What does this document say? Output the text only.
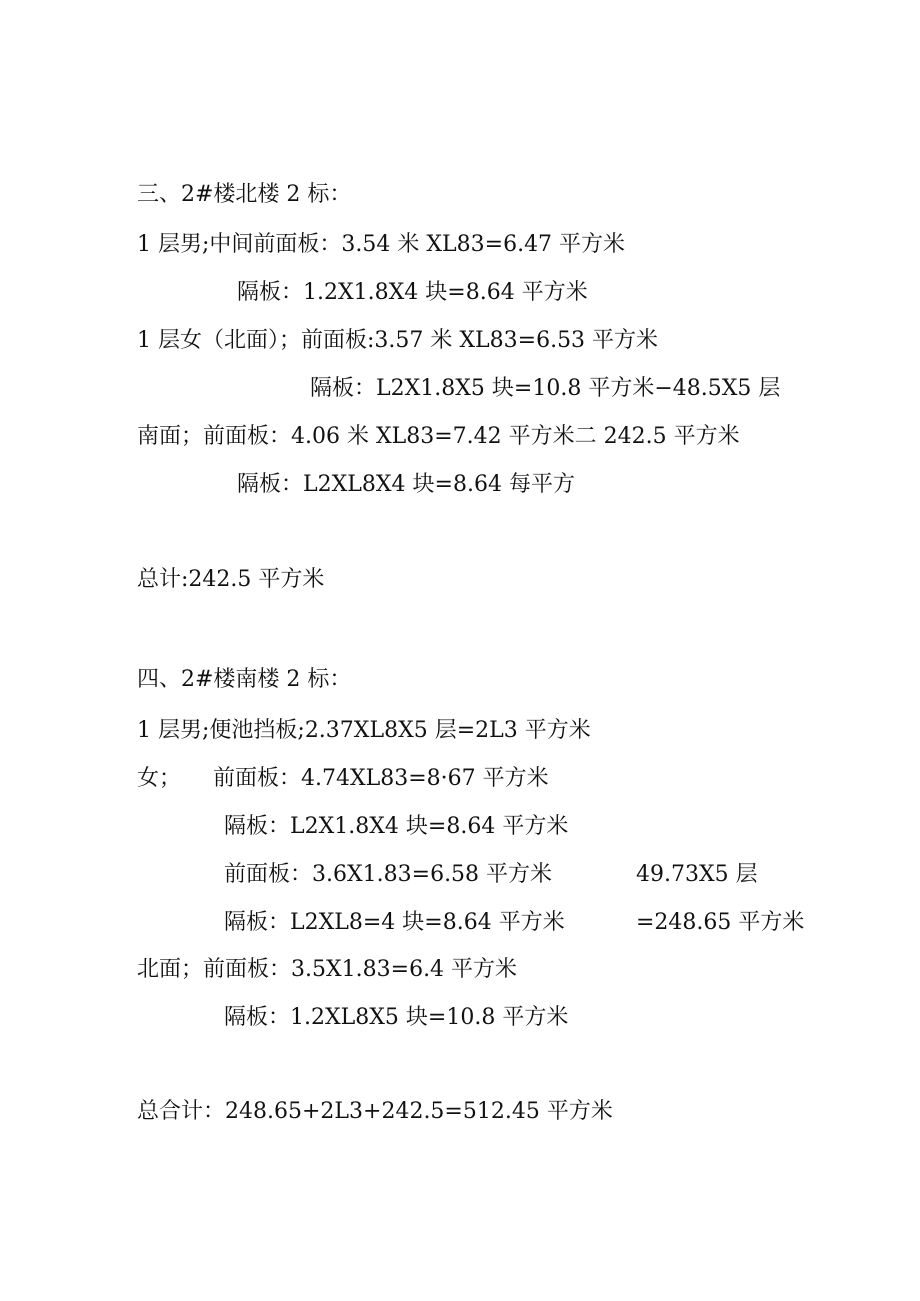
三、2#楼北楼 2 标：
1 层男;中间前面板：3.54 米 XL83=6.47 平方米
隔板：1.2X1.8X4 块=8.64 平方米
1 层女（北面）；前面板:3.57 米 XL83=6.53 平方米
隔板：L2X1.8X5 块=10.8 平方米−48.5X5 层
南面；前面板：4.06 米 XL83=7.42 平方米二 242.5 平方米
隔板：L2XL8X4 块=8.64 每平方
总计:242.5 平方米
四、2#楼南楼 2 标：
1 层男;便池挡板;2.37XL8X5 层=2L3 平方米
女； 前面板：4.74XL83=8·67 平方米
隔板：L2X1.8X4 块=8.64 平方米
前面板：3.6X1.83=6.58 平方米	49.73X5 层
隔板：L2XL8=4 块=8.64 平方米	=248.65 平方米
北面；前面板：3.5X1.83=6.4 平方米
隔板：1.2XL8X5 块=10.8 平方米
总合计：248.65+2L3+242.5=512.45 平方米
